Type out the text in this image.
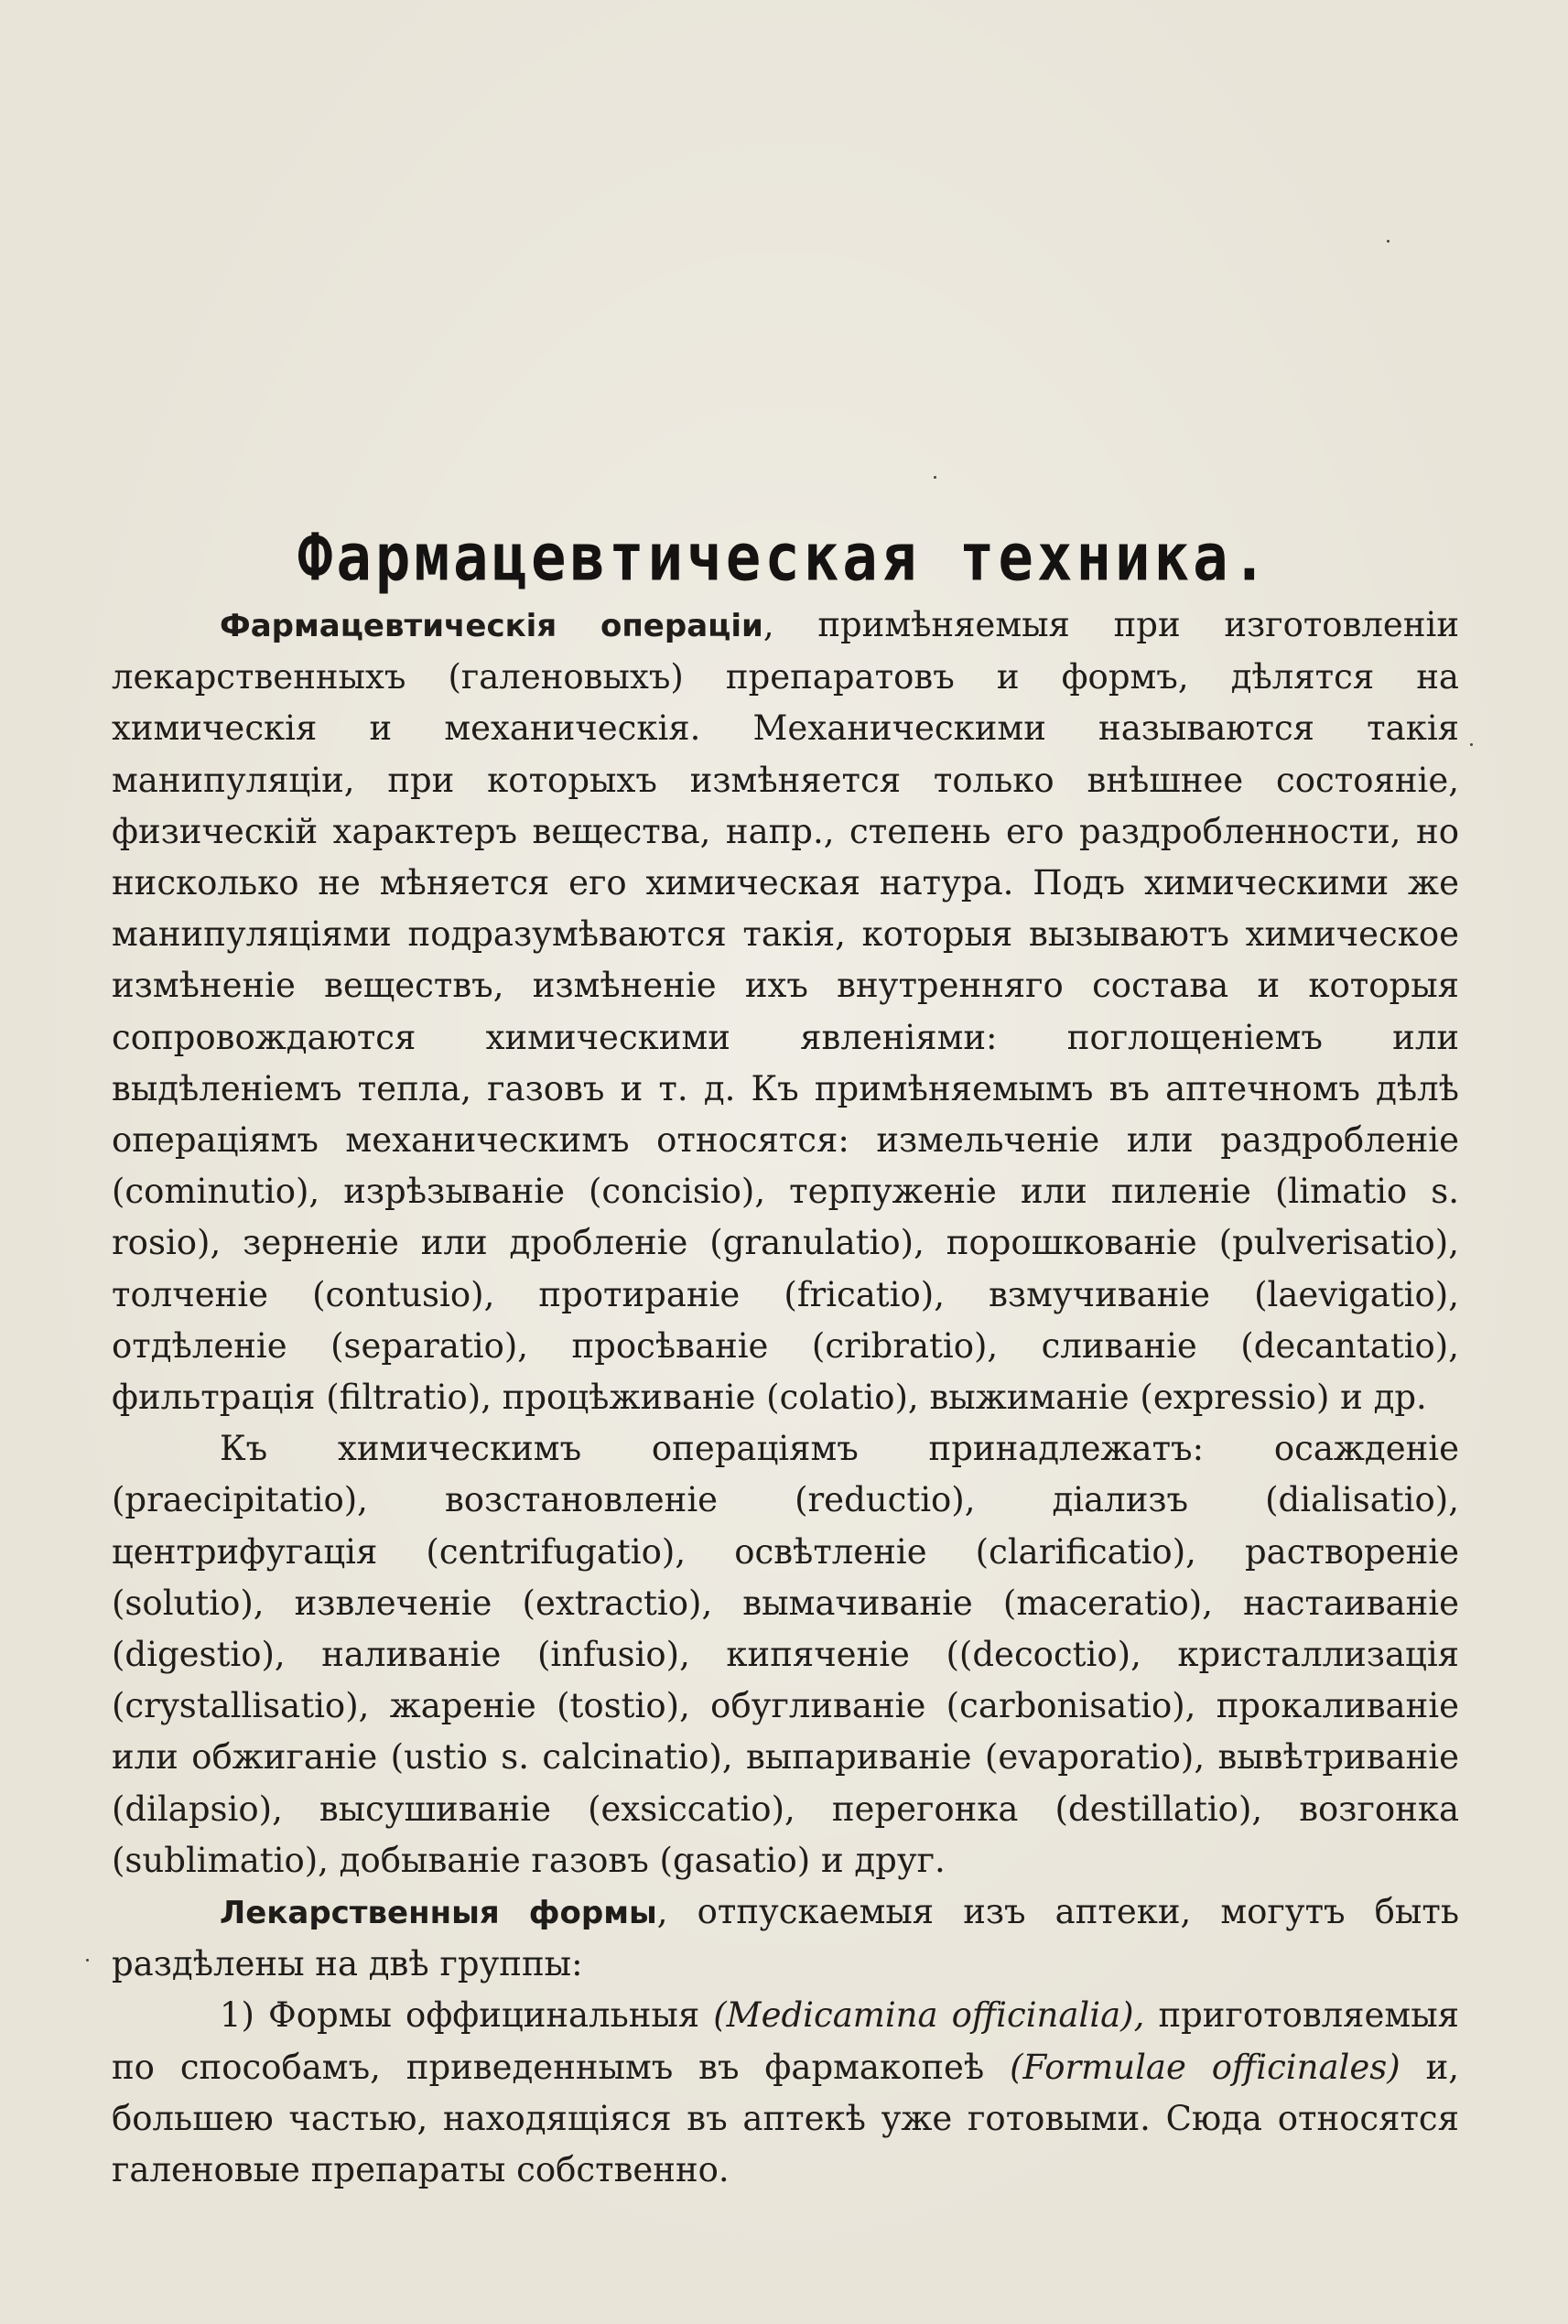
Фармацевтическая техника.

Фармацевтическія операціи, примѣняемыя при изготовленіи лекарственныхъ (галеновыхъ) препаратовъ и формъ, дѣлятся на химическія и механическія. Механическими называются такія манипуляціи, при которыхъ измѣняется только внѣшнее состояніе, физическій характеръ вещества, напр., степень его раздробленности, но нисколько не мѣняется его химическая натура. Подъ химическими же манипуляціями подразумѣваются такія, которыя вызываютъ химическое измѣненіе веществъ, измѣненіе ихъ внутренняго состава и которыя сопровождаются химическими явленіями: поглощеніемъ или выдѣленіемъ тепла, газовъ и т. д. Къ примѣняемымъ въ аптечномъ дѣлѣ операціямъ механическимъ относятся: измельченіе или раздробленіе (cominutio), изрѣзываніе (concisio), терпуженіе или пиленіе (limatio s. rosio), зерненіе или дробленіе (granulatio), порошкованіе (pulverisatio), толченіе (contusio), протираніе (fricatio), взмучиваніе (laevigatio), отдѣленіе (separatio), просѣваніе (cribratio), сливаніе (decantatio), фильтрація (filtratio), процѣживаніе (colatio), выжиманіе (expressio) и др.

Къ химическимъ операціямъ принадлежатъ: осажденіе (praecipitatio), возстановленіе (reductio), діализъ (dialisatio), центрифугація (centrifugatio), освѣтленіе (clarificatio), раствореніе (solutio), извлеченіе (extractio), вымачиваніе (maceratio), настаиваніе (digestio), наливаніе (infusio), кипяченіе ((decoctio), кристаллизація (crystallisatio), жареніе (tostio), обугливаніе (carbonisatio), прокаливаніе или обжиганіе (ustio s. calcinatio), выпариваніе (evaporatio), вывѣтриваніе (dilapsio), высушиваніе (exsiccatio), перегонка (destillatio), возгонка (sublimatio), добываніе газовъ (gasatio) и друг.

Лекарственныя формы, отпускаемыя изъ аптеки, могутъ быть раздѣлены на двѣ группы:

1) Формы оффицинальныя (Medicamina officinalia), приготовляемыя по способамъ, приведеннымъ въ фармакопеѣ (Formulae officinales) и, большею частью, находящіяся въ аптекѣ уже готовыми. Сюда относятся галеновые препараты собственно.
